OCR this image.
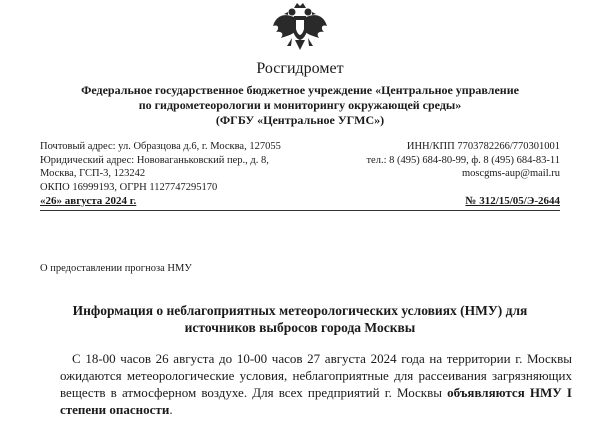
Росгидромет
Федеральное государственное бюджетное учреждение «Центральное управление
по гидрометеорологии и мониторингу окружающей среды»
(ФГБУ «Центральное УГМС»)
Почтовый адрес: ул. Образцова д.6, г. Москва, 127055
Юридический адрес: Нововаганьковский пер., д. 8,
Москва, ГСП-3, 123242
ОКПО 16999193, ОГРН 1127747295170
ИНН/КПП 7703782266/770301001
тел.: 8 (495) 684-80-99, ф. 8 (495) 684-83-11
moscgms-aup@mail.ru
«26» августа 2024 г.	№ 312/15/05/Э-2644
О предоставлении прогноза НМУ
Информация о неблагоприятных метеорологических условиях (НМУ) для
источников выбросов города Москвы
С 18-00 часов 26 августа до 10-00 часов 27 августа 2024 года на территории г. Москвы ожидаются метеорологические условия, неблагоприятные для рассеивания загрязняющих веществ в атмосферном воздухе. Для всех предприятий г. Москвы объявляются НМУ I степени опасности.
